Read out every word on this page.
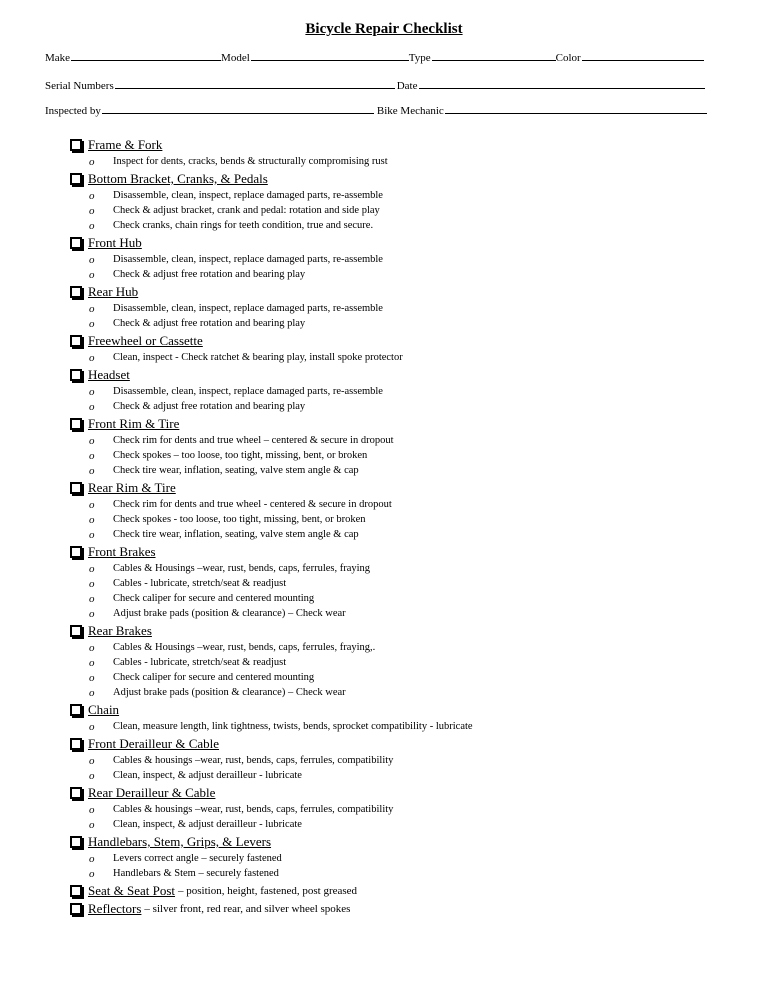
Bicycle Repair Checklist
Make	Model	Type	Color
Serial Numbers	Date
Inspected by	Bike Mechanic
Frame & Fork
o	Inspect for dents, cracks, bends & structurally compromising rust
Bottom Bracket, Cranks, & Pedals
o	Disassemble, clean, inspect, replace damaged parts, re-assemble
o	Check & adjust bracket, crank and pedal: rotation and side play
o	Check cranks, chain rings for teeth condition, true and secure.
Front Hub
o	Disassemble, clean, inspect, replace damaged parts, re-assemble
o	Check & adjust free rotation and bearing play
Rear Hub
o	Disassemble, clean, inspect, replace damaged parts, re-assemble
o	Check & adjust free rotation and bearing play
Freewheel or Cassette
o	Clean, inspect - Check ratchet & bearing play, install spoke protector
Headset
o	Disassemble, clean, inspect, replace damaged parts, re-assemble
o	Check & adjust free rotation and bearing play
Front Rim & Tire
o	Check rim for dents and true wheel – centered & secure in dropout
o	Check spokes – too loose, too tight, missing, bent, or broken
o	Check tire wear, inflation, seating, valve stem angle & cap
Rear Rim & Tire
o	Check rim for dents and true wheel - centered & secure in dropout
o	Check spokes - too loose, too tight, missing, bent, or broken
o	Check tire wear, inflation, seating, valve stem angle & cap
Front Brakes
o	Cables & Housings –wear, rust, bends, caps, ferrules, fraying
o	Cables - lubricate, stretch/seat & readjust
o	Check caliper for secure and centered mounting
o	Adjust brake pads (position & clearance) – Check wear
Rear Brakes
o	Cables & Housings –wear, rust, bends, caps, ferrules, fraying,.
o	Cables - lubricate, stretch/seat & readjust
o	Check caliper for secure and centered mounting
o	Adjust brake pads (position & clearance) – Check wear
Chain
o	Clean, measure length, link tightness, twists, bends, sprocket compatibility - lubricate
Front Derailleur & Cable
o	Cables & housings –wear, rust, bends, caps, ferrules, compatibility
o	Clean, inspect, & adjust derailleur - lubricate
Rear Derailleur & Cable
o	Cables & housings –wear, rust, bends, caps, ferrules, compatibility
o	Clean, inspect, & adjust derailleur - lubricate
Handlebars, Stem, Grips, & Levers
o	Levers correct angle – securely fastened
o	Handlebars & Stem – securely fastened
Seat & Seat Post – position, height, fastened, post greased
Reflectors – silver front, red rear, and silver wheel spokes
